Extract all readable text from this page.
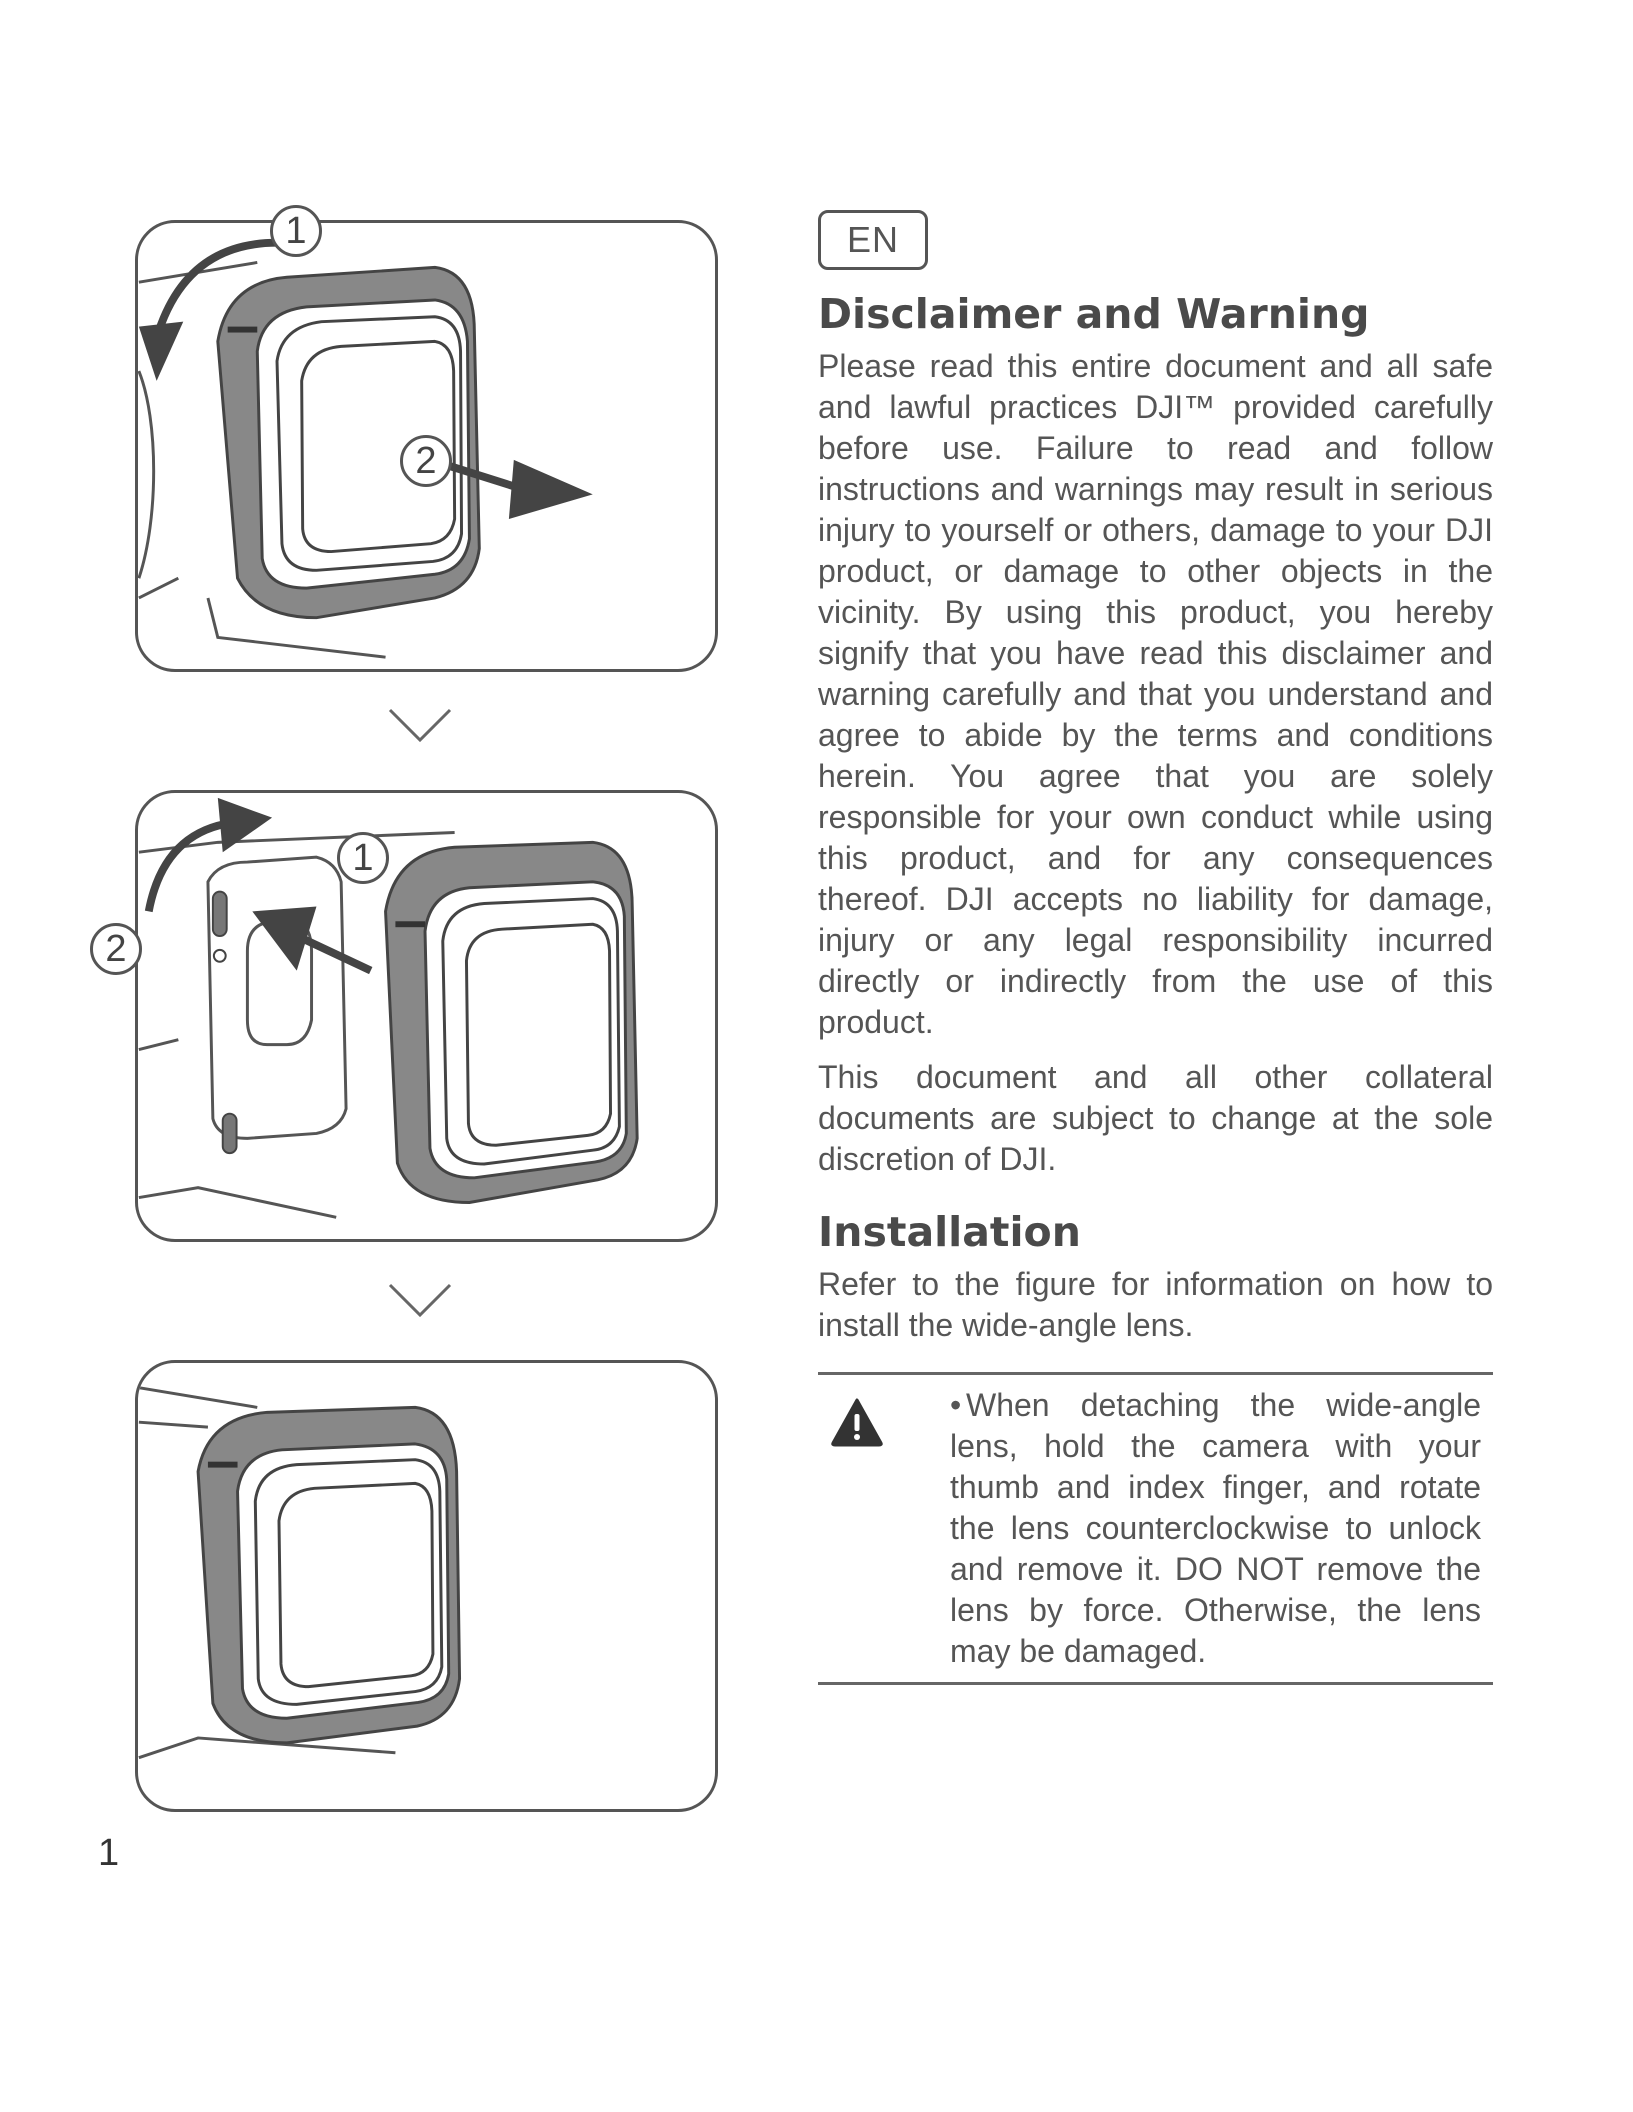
1
2
1
2
1
EN
Disclaimer and Warning

Please read this entire document and all safe and lawful practices DJI™ provided carefully before use. Failure to read and follow instructions and warnings may result in serious injury to yourself or others, damage to your DJI product, or damage to other objects in the vicinity. By using this product, you hereby signify that you have read this disclaimer and warning carefully and that you understand and agree to abide by the terms and conditions herein. You agree that you are solely responsible for your own conduct while using this product, and for any consequences thereof. DJI accepts no liability for damage, injury or any legal responsibility incurred directly or indirectly from the use of this product.

This document and all other collateral documents are subject to change at the sole discretion of DJI.

Installation

Refer to the figure for information on how to install the wide-angle lens.

• When detaching the wide-angle lens, hold the camera with your thumb and index finger, and rotate the lens counterclockwise to unlock and remove it. DO NOT remove the lens by force. Otherwise, the lens may be damaged.
